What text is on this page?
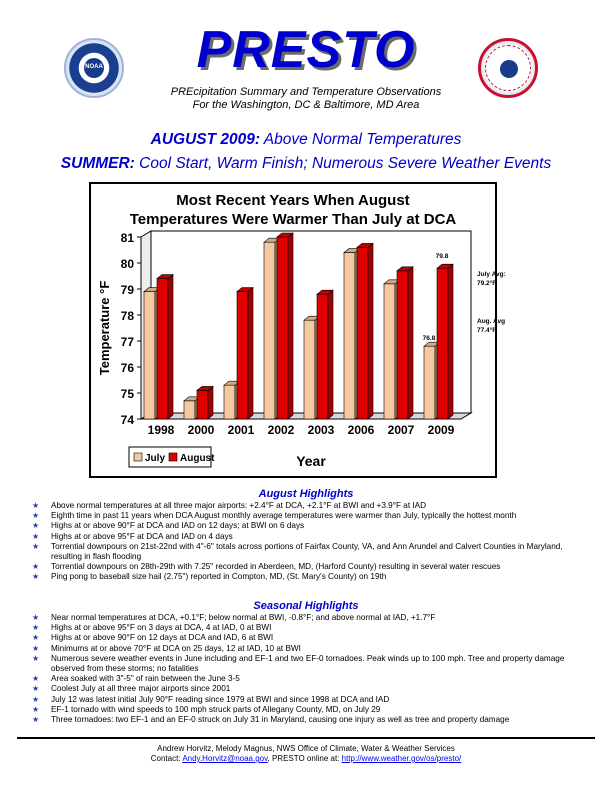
NOAA	PRESTO
PREcipitation Summary and Temperature Observations
For the Washington, DC & Baltimore, MD Area
AUGUST 2009: Above Normal Temperatures
SUMMER: Cool Start, Warm Finish; Numerous Severe Weather Events
Most Recent Years When August
Temperatures Were Warmer Than July at DCA
74
75
76
77
78
79
80
81
Temperature °F
1998 2000 2001 2002 2003 2006 2007 2009
76.8
79.8
July Avg:
79.2°F
Aug. Avg
77.4°F
July August	Year
August Highlights
★ Above normal temperatures at all three major airports: +2.4°F at DCA, +2.1°F at BWI and +3.9°F at IAD
★ Eighth time in past 11 years when DCA August monthly average temperatures were warmer than July, typically the hottest month
★ Highs at or above 90°F at DCA and IAD on 12 days; at BWI on 6 days
★ Highs at or above 95°F at DCA and IAD on 4 days
★ Torrential downpours on 21st-22nd with 4"-6" totals across portions of Fairfax County, VA, and Ann Arundel and Calvert Counties in Maryland, resulting in flash flooding
★ Torrential downpours on 28th-29th with 7.25" recorded in Aberdeen, MD, (Harford County) resulting in several water rescues
★ Ping pong to baseball size hail (2.75") reported in Compton, MD, (St. Mary's County) on 19th
Seasonal Highlights
★ Near normal temperatures at DCA, +0.1°F; below normal at BWI, -0.8°F; and above normal at IAD, +1.7°F
★ Highs at or above 95°F on 3 days at DCA, 4 at IAD, 0 at BWI
★ Highs at or above 90°F on 12 days at DCA and IAD, 6 at BWI
★ Minimums at or above 70°F at DCA on 25 days, 12 at IAD, 10 at BWI
★ Numerous severe weather events in June including and EF-1 and two EF-0 tornadoes. Peak winds up to 100 mph. Tree and property damage observed from these storms; no fatalities
★ Area soaked with 3"-5" of rain between the June 3-5
★ Coolest July at all three major airports since 2001
★ July 12 was latest initial July 90°F reading since 1979 at BWI and since 1998 at DCA and IAD
★ EF-1 tornado with wind speeds to 100 mph struck parts of Allegany County, MD, on July 29
★ Three tornadoes: two EF-1 and an EF-0 struck on July 31 in Maryland, causing one injury as well as tree and property damage
Andrew Horvitz, Melody Magnus, NWS Office of Climate, Water & Weather Services
Contact: Andy.Horvitz@noaa.gov, PRESTO online at: http://www.weather.gov/os/presto/
